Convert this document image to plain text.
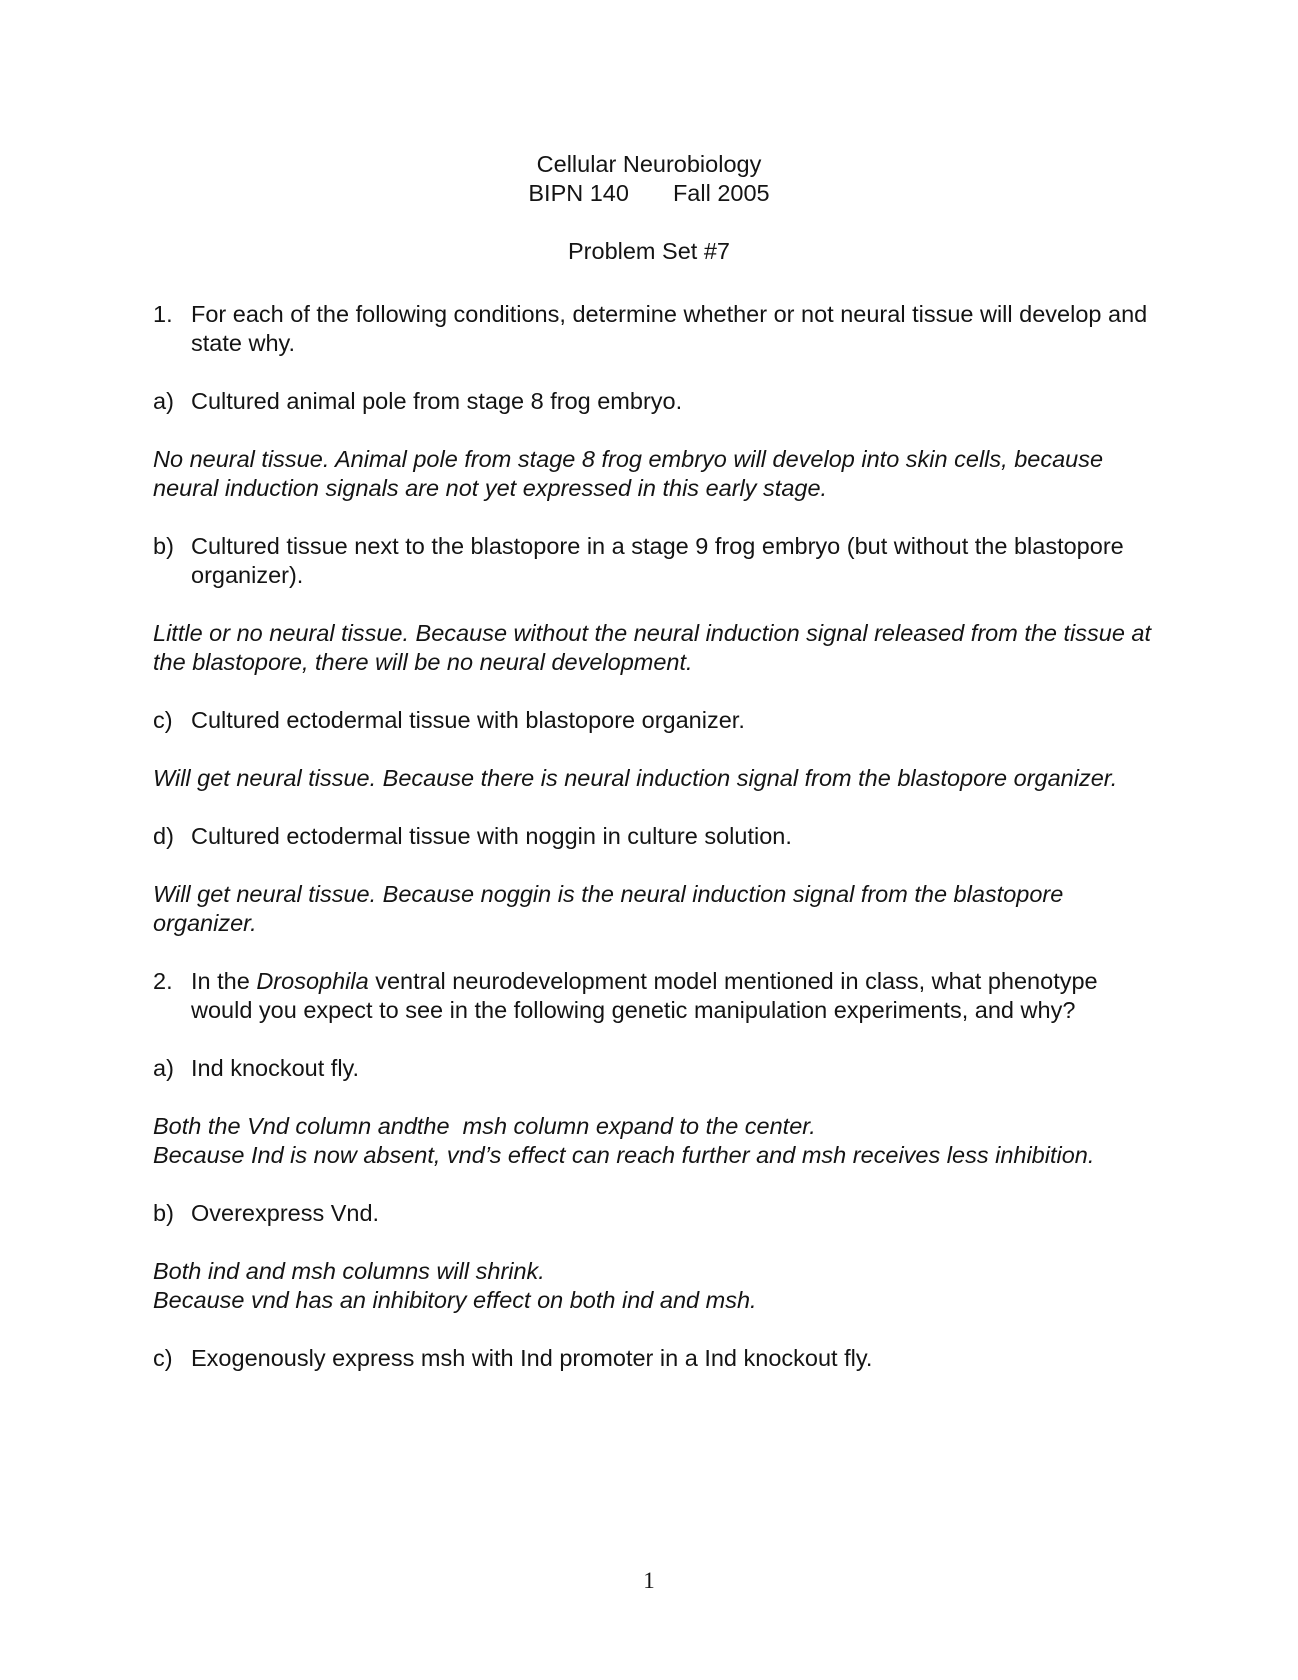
Cellular Neurobiology
BIPN 140 Fall 2005
Problem Set #7
1. For each of the following conditions, determine whether or not neural tissue will develop and state why.
a) Cultured animal pole from stage 8 frog embryo.
No neural tissue. Animal pole from stage 8 frog embryo will develop into skin cells, because neural induction signals are not yet expressed in this early stage.
b) Cultured tissue next to the blastopore in a stage 9 frog embryo (but without the blastopore organizer).
Little or no neural tissue. Because without the neural induction signal released from the tissue at the blastopore, there will be no neural development.
c) Cultured ectodermal tissue with blastopore organizer.
Will get neural tissue. Because there is neural induction signal from the blastopore organizer.
d) Cultured ectodermal tissue with noggin in culture solution.
Will get neural tissue. Because noggin is the neural induction signal from the blastopore organizer.
2. In the Drosophila ventral neurodevelopment model mentioned in class, what phenotype would you expect to see in the following genetic manipulation experiments, and why?
a) Ind knockout fly.
Both the Vnd column andthe  msh column expand to the center.
Because Ind is now absent, vnd’s effect can reach further and msh receives less inhibition.
b) Overexpress Vnd.
Both ind and msh columns will shrink.
Because vnd has an inhibitory effect on both ind and msh.
c) Exogenously express msh with Ind promoter in a Ind knockout fly.
1
